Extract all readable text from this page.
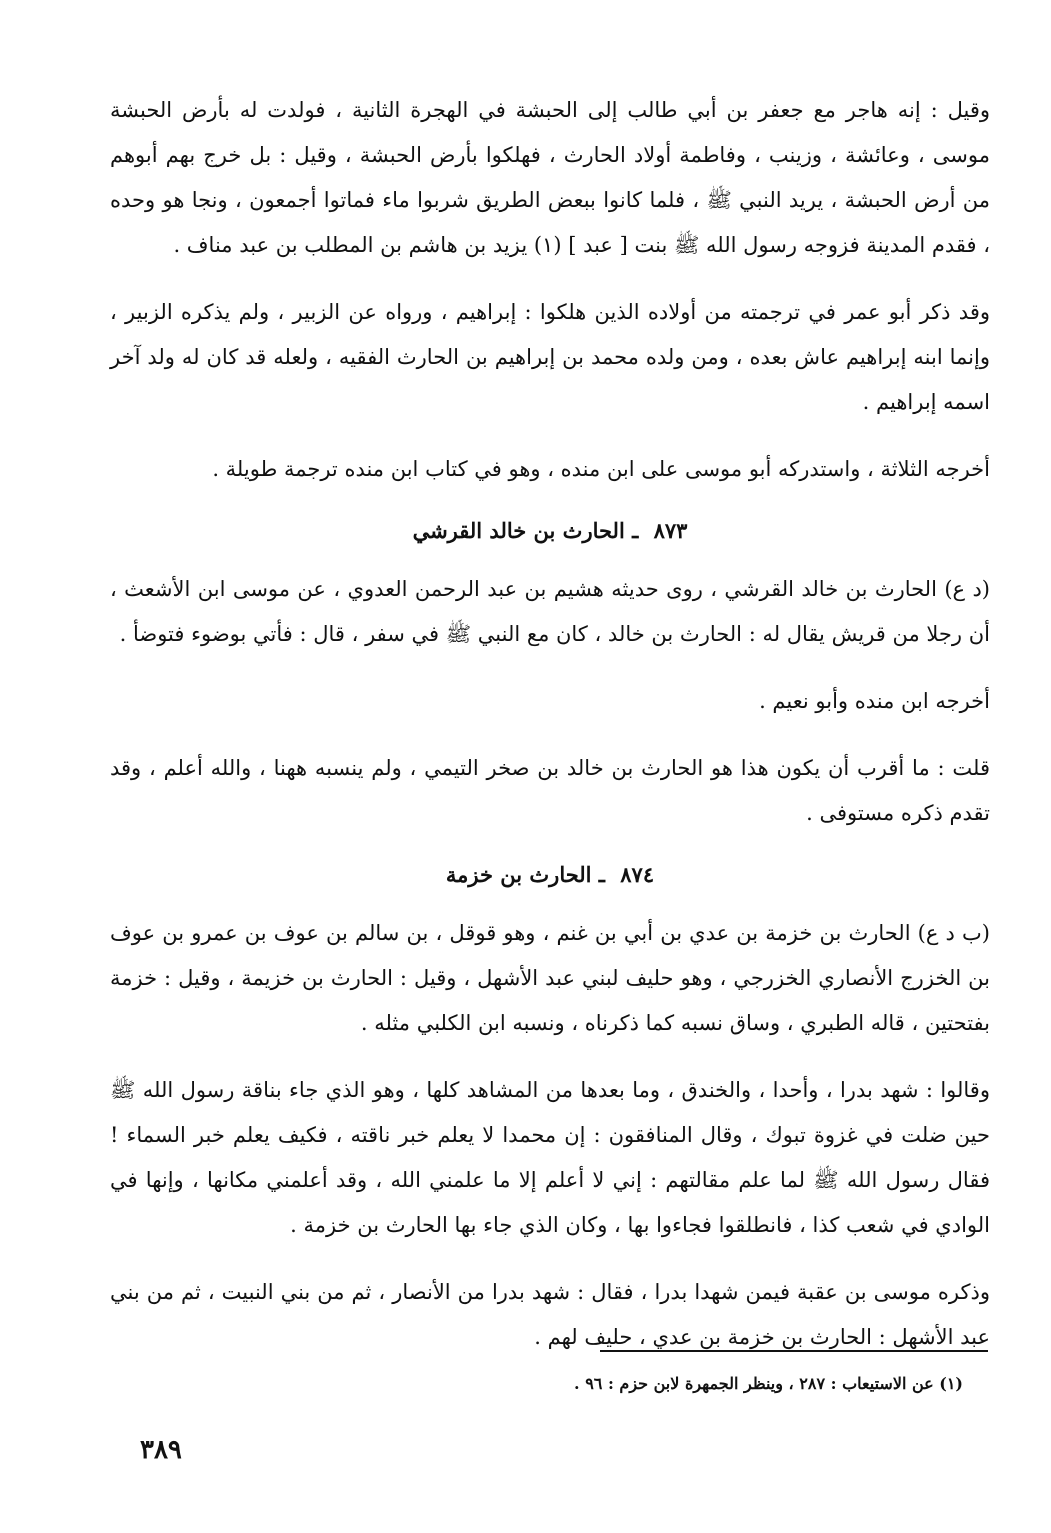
وقيل : إنه هاجر مع جعفر بن أبي طالب إلى الحبشة في الهجرة الثانية ، فولدت له بأرض الحبشة موسى ، وعائشة ، وزينب ، وفاطمة أولاد الحارث ، فهلكوا بأرض الحبشة ، وقيل : بل خرج بهم أبوهم من أرض الحبشة ، يريد النبي ﷺ ، فلما كانوا ببعض الطريق شربوا ماء فماتوا أجمعون ، ونجا هو وحده ، فقدم المدينة فزوجه رسول الله ﷺ بنت [ عبد ] (١) يزيد بن هاشم بن المطلب بن عبد مناف .

وقد ذكر أبو عمر في ترجمته من أولاده الذين هلكوا : إبراهيم ، ورواه عن الزبير ، ولم يذكره الزبير ، وإنما ابنه إبراهيم عاش بعده ، ومن ولده محمد بن إبراهيم بن الحارث الفقيه ، ولعله قد كان له ولد آخر اسمه إبراهيم .

أخرجه الثلاثة ، واستدركه أبو موسى على ابن منده ، وهو في كتاب ابن منده ترجمة طويلة .

٨٧٣ ـ الحارث بن خالد القرشي

(د ع) الحارث بن خالد القرشي ، روى حديثه هشيم بن عبد الرحمن العدوي ، عن موسى ابن الأشعث ، أن رجلا من قريش يقال له : الحارث بن خالد ، كان مع النبي ﷺ في سفر ، قال : فأتي بوضوء فتوضأ .

أخرجه ابن منده وأبو نعيم .

قلت : ما أقرب أن يكون هذا هو الحارث بن خالد بن صخر التيمي ، ولم ينسبه ههنا ، والله أعلم ، وقد تقدم ذكره مستوفى .

٨٧٤ ـ الحارث بن خزمة

(ب د ع) الحارث بن خزمة بن عدي بن أبي بن غنم ، وهو قوقل ، بن سالم بن عوف بن عمرو بن عوف بن الخزرج الأنصاري الخزرجي ، وهو حليف لبني عبد الأشهل ، وقيل : الحارث بن خزيمة ، وقيل : خزمة بفتحتين ، قاله الطبري ، وساق نسبه كما ذكرناه ، ونسبه ابن الكلبي مثله .

وقالوا : شهد بدرا ، وأحدا ، والخندق ، وما بعدها من المشاهد كلها ، وهو الذي جاء بناقة رسول الله ﷺ حين ضلت في غزوة تبوك ، وقال المنافقون : إن محمدا لا يعلم خبر ناقته ، فكيف يعلم خبر السماء ! فقال رسول الله ﷺ لما علم مقالتهم : إني لا أعلم إلا ما علمني الله ، وقد أعلمني مكانها ، وإنها في الوادي في شعب كذا ، فانطلقوا فجاءوا بها ، وكان الذي جاء بها الحارث بن خزمة .

وذكره موسى بن عقبة فيمن شهدا بدرا ، فقال : شهد بدرا من الأنصار ، ثم من بني النبيت ، ثم من بني عبد الأشهل : الحارث بن خزمة بن عدي ، حليف لهم .

(١) عن الاستيعاب : ٢٨٧ ، وينظر الجمهرة لابن حزم : ٩٦ .
٣٨٩
